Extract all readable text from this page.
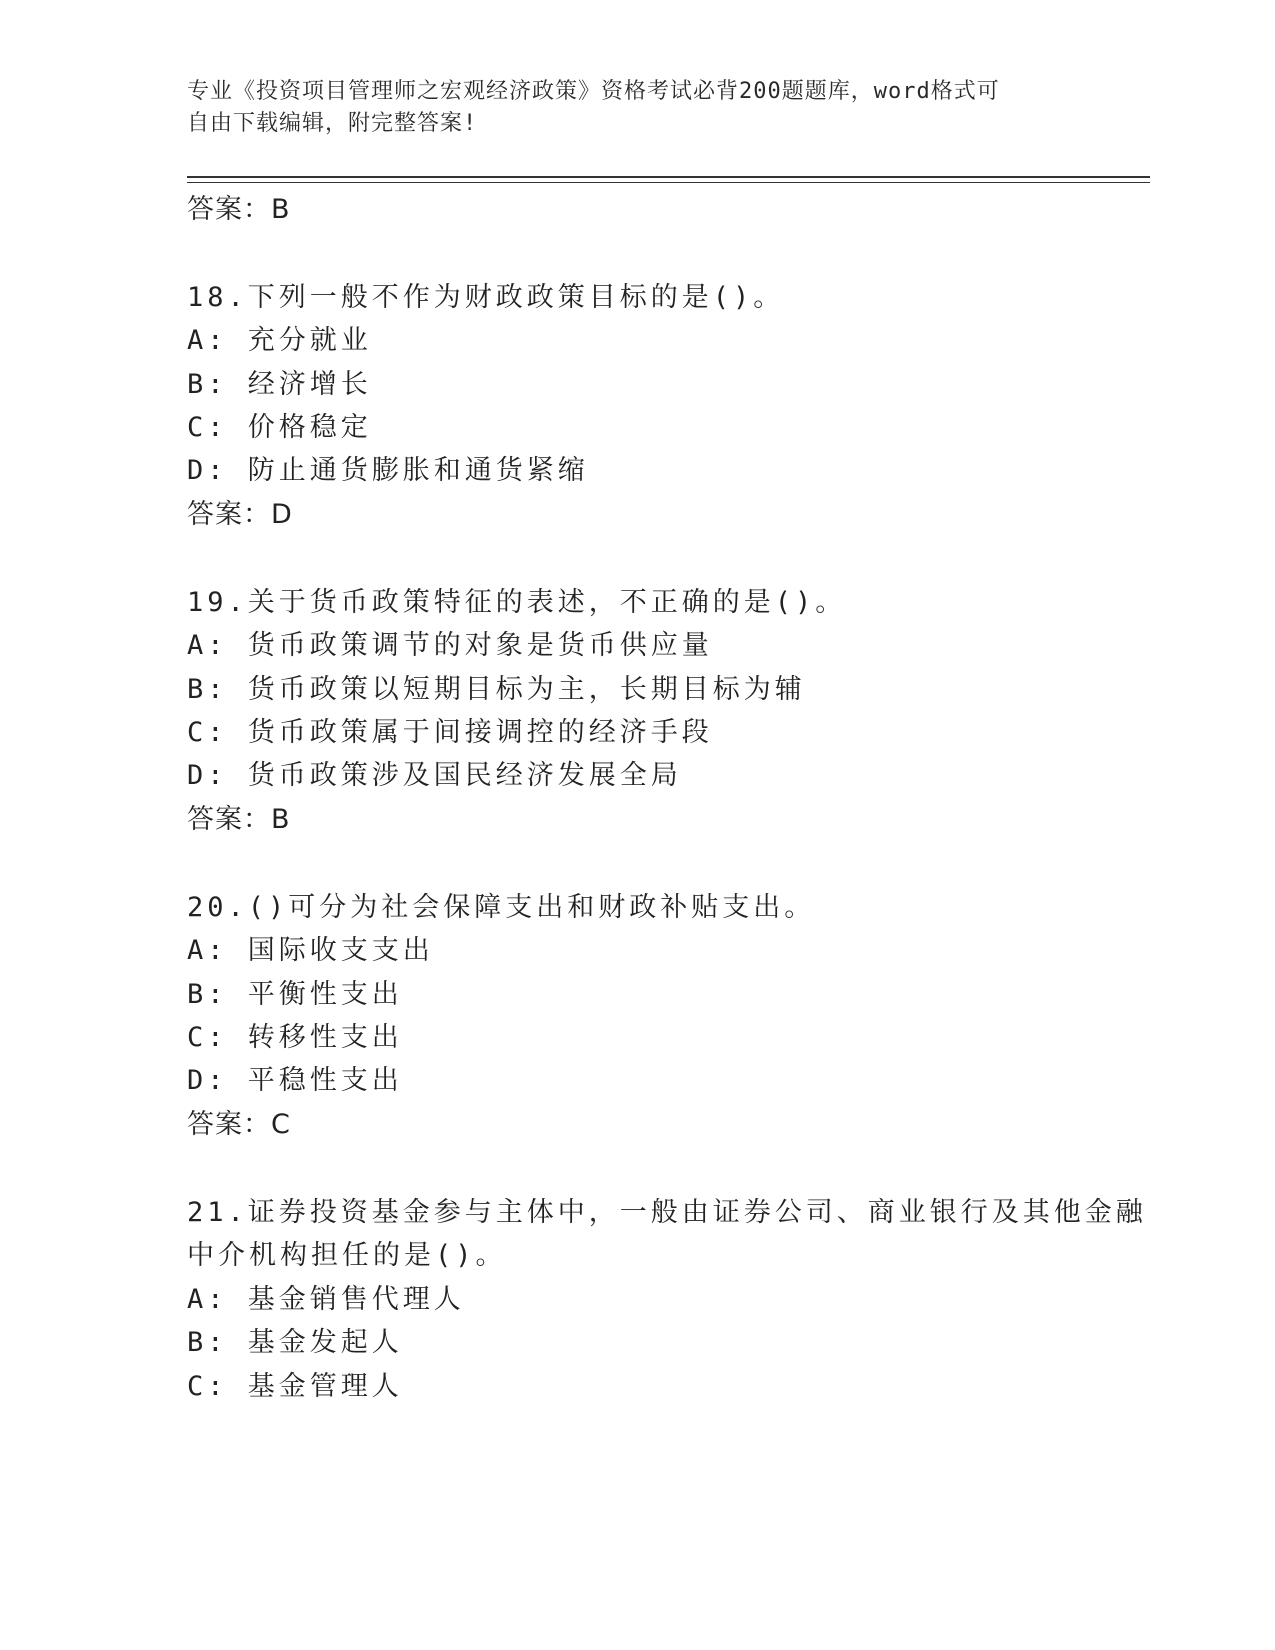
专业《投资项目管理师之宏观经济政策》资格考试必背200题题库，word格式可
自由下载编辑，附完整答案!
答案：B
18.下列一般不作为财政政策目标的是()。
A: 充分就业
B: 经济增长
C: 价格稳定
D: 防止通货膨胀和通货紧缩
答案：D
19.关于货币政策特征的表述，不正确的是()。
A: 货币政策调节的对象是货币供应量
B: 货币政策以短期目标为主，长期目标为辅
C: 货币政策属于间接调控的经济手段
D: 货币政策涉及国民经济发展全局
答案：B
20.()可分为社会保障支出和财政补贴支出。
A: 国际收支支出
B: 平衡性支出
C: 转移性支出
D: 平稳性支出
答案：C
21.证券投资基金参与主体中，一般由证券公司、商业银行及其他金融
中介机构担任的是()。
A: 基金销售代理人
B: 基金发起人
C: 基金管理人
